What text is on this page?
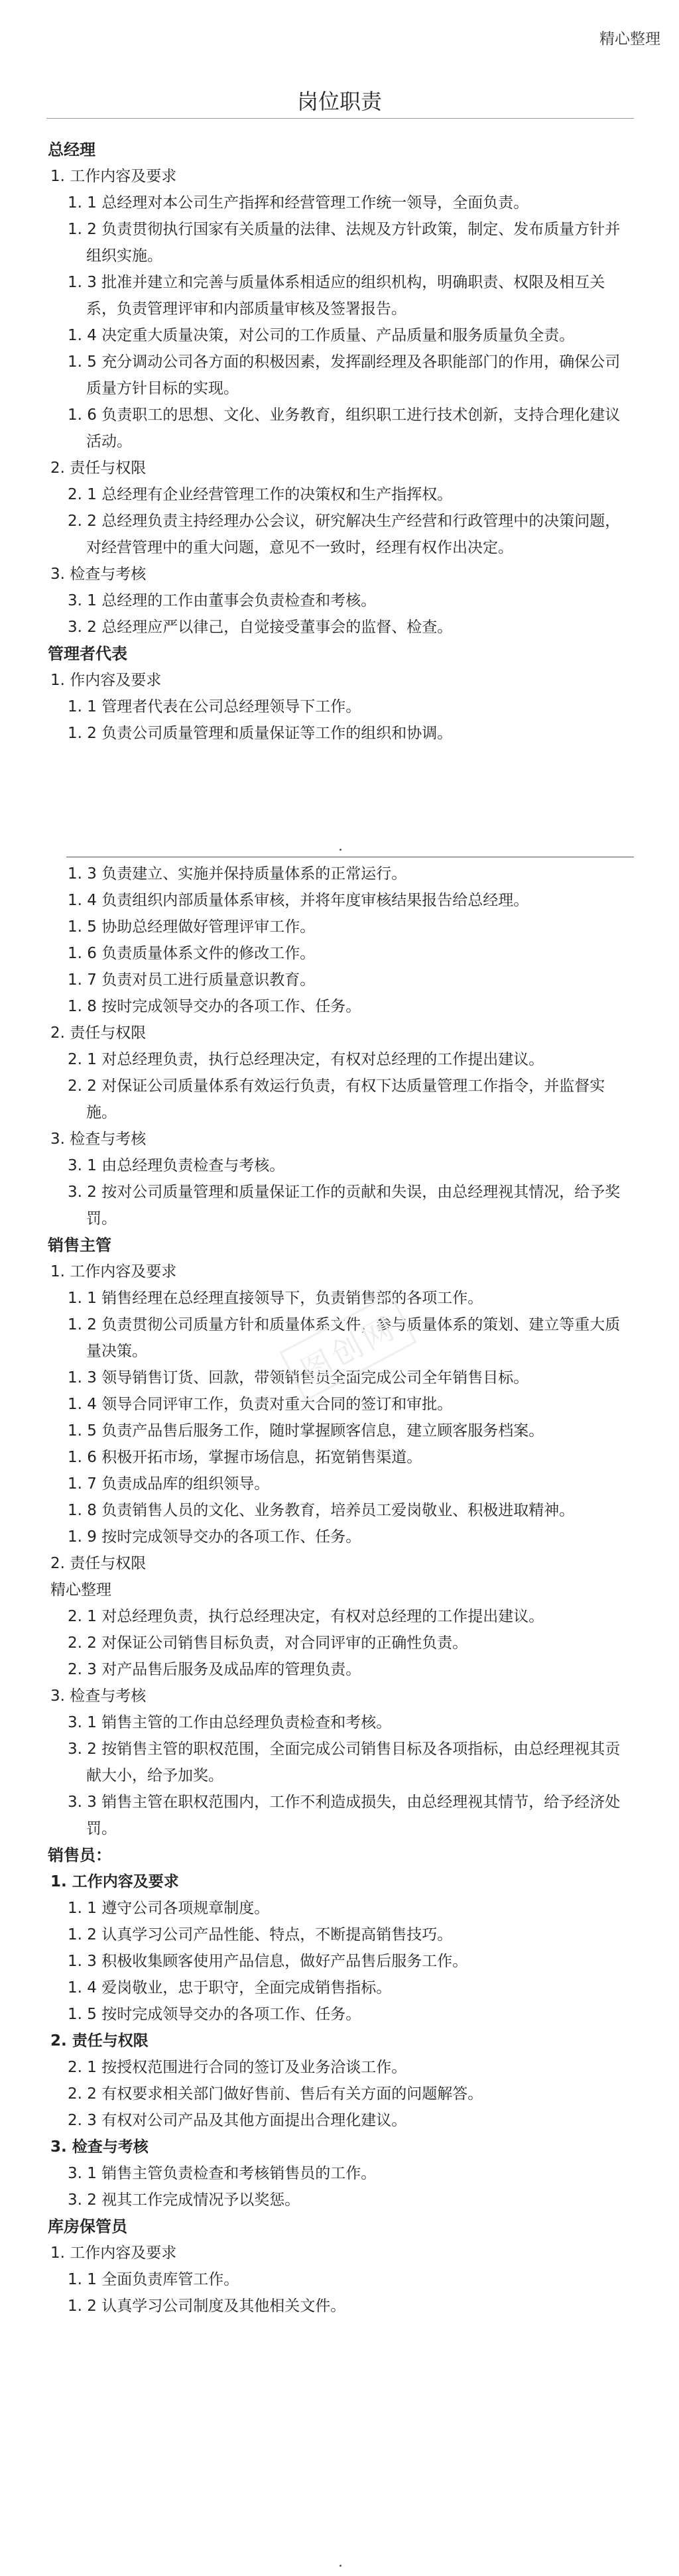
精心整理
岗位职责
总经理
1. 工作内容及要求
1. 1 总经理对本公司生产指挥和经营管理工作统一领导，全面负责。
1. 2 负责贯彻执行国家有关质量的法律、法规及方针政策，制定、发布质量方针并组织实施。
1. 3 批准并建立和完善与质量体系相适应的组织机构，明确职责、权限及相互关系，负责管理评审和内部质量审核及签署报告。
1. 4 决定重大质量决策，对公司的工作质量、产品质量和服务质量负全责。
1. 5 充分调动公司各方面的积极因素，发挥副经理及各职能部门的作用，确保公司质量方针目标的实现。
1. 6 负责职工的思想、文化、业务教育，组织职工进行技术创新，支持合理化建议活动。
2. 责任与权限
2. 1 总经理有企业经营管理工作的决策权和生产指挥权。
2. 2 总经理负责主持经理办公会议，研究解决生产经营和行政管理中的决策问题，对经营管理中的重大问题，意见不一致时，经理有权作出决定。
3. 检查与考核
3. 1 总经理的工作由董事会负责检查和考核。
3. 2 总经理应严以律己，自觉接受董事会的监督、检查。
管理者代表
1. 作内容及要求
1. 1 管理者代表在公司总经理领导下工作。
1. 2 负责公司质量管理和质量保证等工作的组织和协调。
1. 3 负责建立、实施并保持质量体系的正常运行。
1. 4 负责组织内部质量体系审核，并将年度审核结果报告给总经理。
1. 5 协助总经理做好管理评审工作。
1. 6 负责质量体系文件的修改工作。
1. 7 负责对员工进行质量意识教育。
1. 8 按时完成领导交办的各项工作、任务。
2. 责任与权限
2. 1 对总经理负责，执行总经理决定，有权对总经理的工作提出建议。
2. 2 对保证公司质量体系有效运行负责，有权下达质量管理工作指令，并监督实施。
3. 检查与考核
3. 1 由总经理负责检查与考核。
3. 2 按对公司质量管理和质量保证工作的贡献和失误，由总经理视其情况，给予奖罚。
销售主管
1. 工作内容及要求
1. 1 销售经理在总经理直接领导下，负责销售部的各项工作。
1. 2 负责贯彻公司质量方针和质量体系文件，参与质量体系的策划、建立等重大质量决策。
1. 3 领导销售订货、回款，带领销售员全面完成公司全年销售目标。
1. 4 领导合同评审工作，负责对重大合同的签订和审批。
1. 5 负责产品售后服务工作，随时掌握顾客信息，建立顾客服务档案。
1. 6 积极开拓市场，掌握市场信息，拓宽销售渠道。
1. 7 负责成品库的组织领导。
1. 8 负责销售人员的文化、业务教育，培养员工爱岗敬业、积极进取精神。
1. 9 按时完成领导交办的各项工作、任务。
2. 责任与权限
精心整理
2. 1 对总经理负责，执行总经理决定，有权对总经理的工作提出建议。
2. 2 对保证公司销售目标负责，对合同评审的正确性负责。
2. 3 对产品售后服务及成品库的管理负责。
3. 检查与考核
3. 1 销售主管的工作由总经理负责检查和考核。
3. 2 按销售主管的职权范围，全面完成公司销售目标及各项指标，由总经理视其贡献大小，给予加奖。
3. 3 销售主管在职权范围内，工作不利造成损失，由总经理视其情节，给予经济处罚。
销售员：
1. 工作内容及要求
1. 1 遵守公司各项规章制度。
1. 2 认真学习公司产品性能、特点，不断提高销售技巧。
1. 3 积极收集顾客使用产品信息，做好产品售后服务工作。
1. 4 爱岗敬业，忠于职守，全面完成销售指标。
1. 5 按时完成领导交办的各项工作、任务。
2. 责任与权限
2. 1 按授权范围进行合同的签订及业务洽谈工作。
2. 2 有权要求相关部门做好售前、售后有关方面的问题解答。
2. 3 有权对公司产品及其他方面提出合理化建议。
3. 检查与考核
3. 1 销售主管负责检查和考核销售员的工作。
3. 2 视其工作完成情况予以奖惩。
库房保管员
1. 工作内容及要求
1. 1 全面负责库管工作。
1. 2 认真学习公司制度及其他相关文件。
图创网
